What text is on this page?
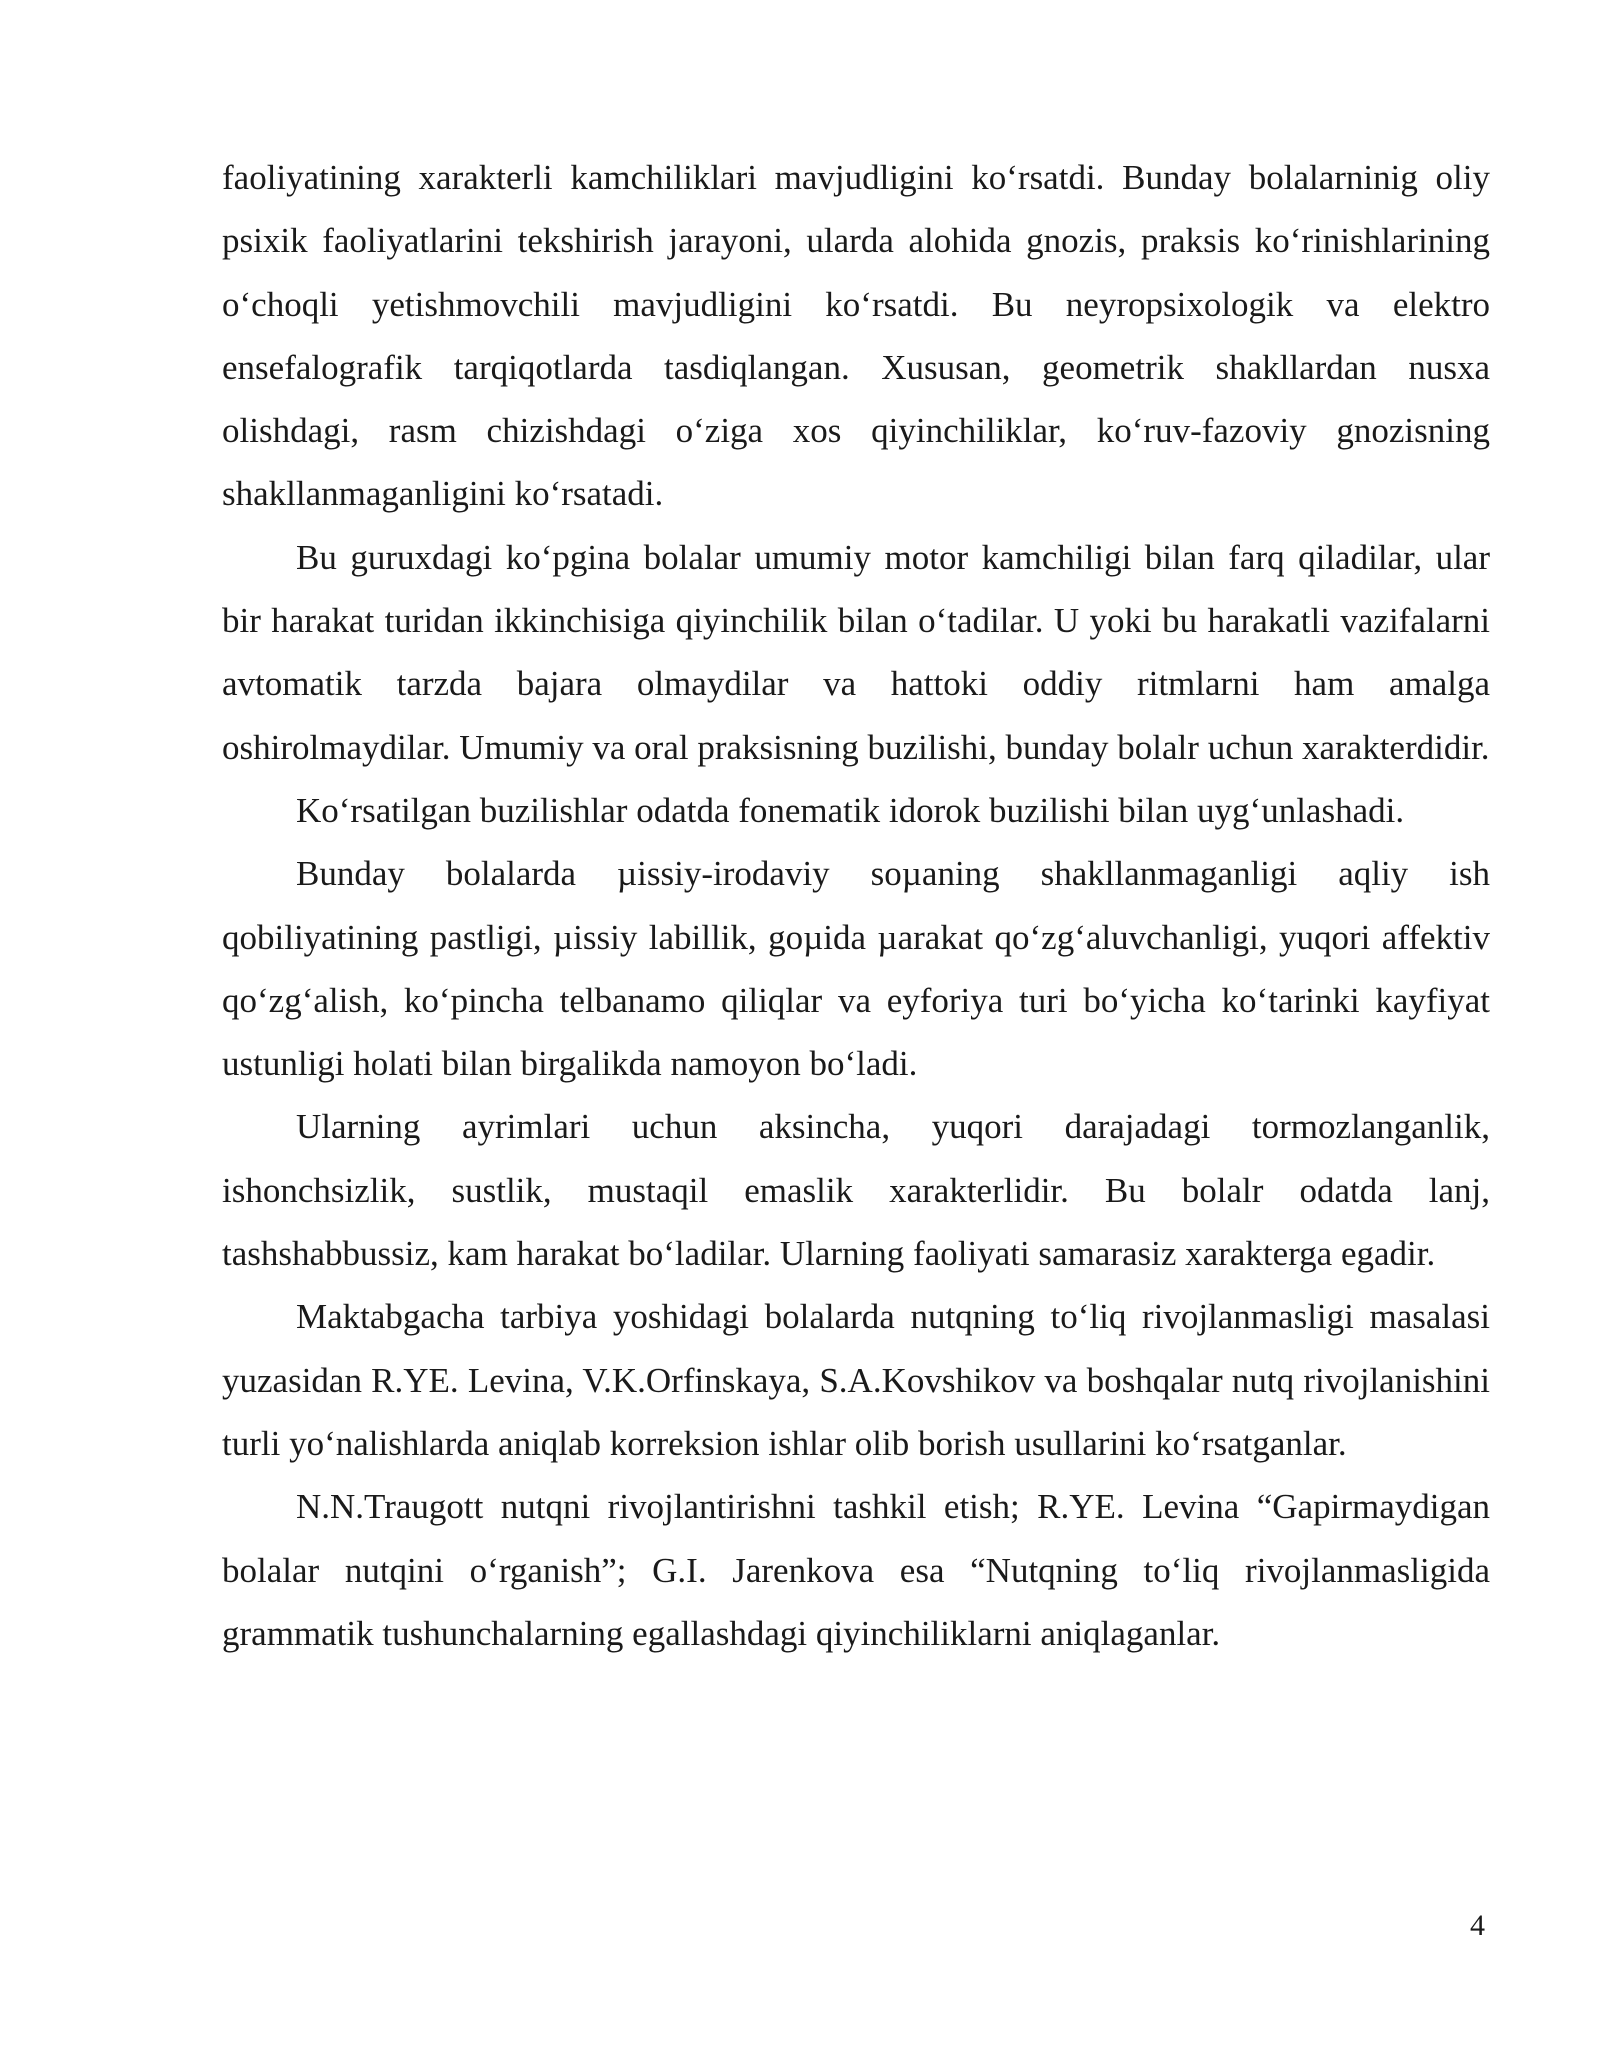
faoliyatining xarakterli kamchiliklari mavjudligini ko‘rsatdi. Bunday bolalarninig oliy psixik faoliyatlarini tekshirish jarayoni, ularda alohida gnozis, praksis ko‘rinishlarining o‘choqli yetishmovchili mavjudligini ko‘rsatdi. Bu neyropsixologik va elektro ensefalografik tarqiqotlarda tasdiqlangan. Xususan, geometrik shakllardan nusxa olishdagi, rasm chizishdagi o‘ziga xos qiyinchiliklar, ko‘ruv-fazoviy gnozisning shakllanmaganligini ko‘rsatadi.

Bu guruxdagi ko‘pgina bolalar umumiy motor kamchiligi bilan farq qiladilar, ular bir harakat turidan ikkinchisiga qiyinchilik bilan o‘tadilar. U yoki bu harakatli vazifalarni avtomatik tarzda bajara olmaydilar va hattoki oddiy ritmlarni ham amalga oshirolmaydilar. Umumiy va oral praksisning buzilishi, bunday bolalr uchun xarakterdidir.

Ko‘rsatilgan buzilishlar odatda fonematik idorok buzilishi bilan uyg‘unlashadi.

Bunday bolalarda µissiy-irodaviy soµaning shakllanmaganligi aqliy ish qobiliyatining pastligi, µissiy labillik, goµida µarakat qo‘zg‘aluvchanligi, yuqori affektiv qo‘zg‘alish, ko‘pincha telbanamo qiliqlar va eyforiya turi bo‘yicha ko‘tarinki kayfiyat ustunligi holati bilan birgalikda namoyon bo‘ladi.

Ularning ayrimlari uchun aksincha, yuqori darajadagi tormozlanganlik, ishonchsizlik, sustlik, mustaqil emaslik xarakterlidir. Bu bolalr odatda lanj, tashshabbussiz, kam harakat bo‘ladilar. Ularning faoliyati samarasiz xarakterga egadir.

Maktabgacha tarbiya yoshidagi bolalarda nutqning to‘liq rivojlanmasligi masalasi yuzasidan R.YE. Levina, V.K.Orfinskaya, S.A.Kovshikov va boshqalar nutq rivojlanishini turli yo‘nalishlarda aniqlab korreksion ishlar olib borish usullarini ko‘rsatganlar.

N.N.Traugott nutqni rivojlantirishni tashkil etish; R.YE. Levina “Gapirmaydigan bolalar nutqini o‘rganish”; G.I. Jarenkova esa “Nutqning to‘liq rivojlanmasligida grammatik tushunchalarning egallashdagi qiyinchiliklarni aniqlaganlar.

4
